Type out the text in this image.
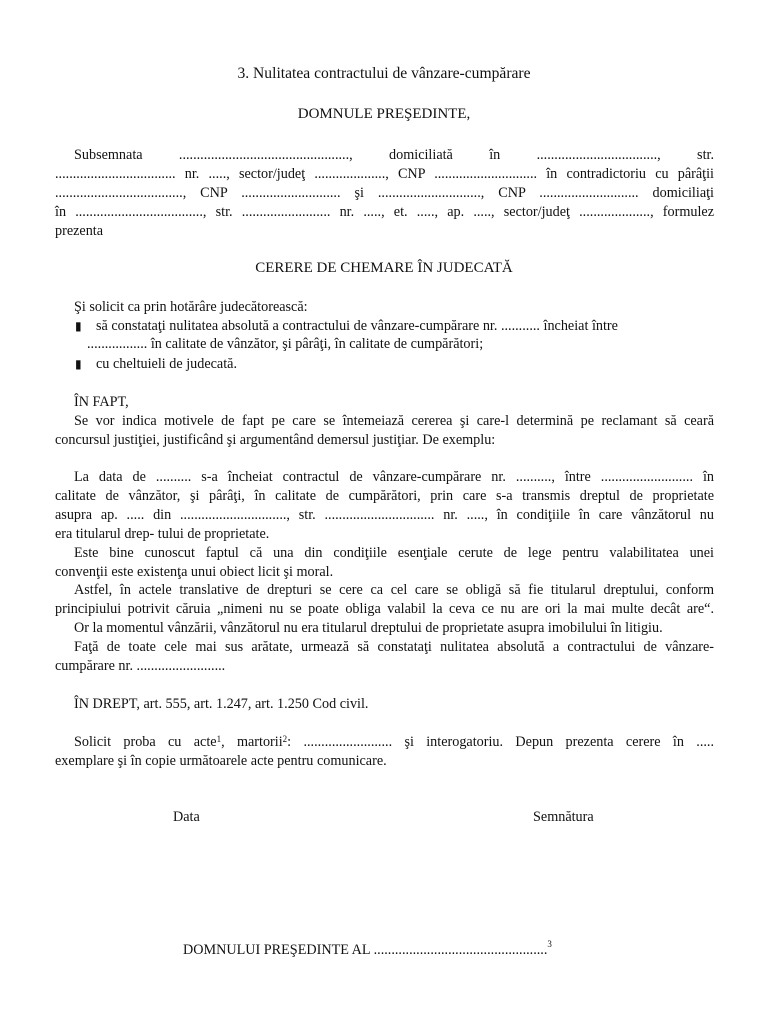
3. Nulitatea contractului de vânzare-cumpărare
DOMNULE PREŞEDINTE,
Subsemnata ................................................, domiciliată în .................................., str.
.................................. nr. ....., sector/judeţ ...................., CNP ............................. în contradictoriu cu pârâţii
...................................., CNP ............................ şi ............................., CNP ............................ domiciliaţi
în ...................................., str. ......................... nr. ....., et. ....., ap. ....., sector/judeţ ...................., formulez
prezenta
CERERE DE CHEMARE ÎN JUDECATĂ
Şi solicit ca prin hotărâre judecătorească:
▮ să constataţi nulitatea absolută a contractului de vânzare-cumpărare nr. ........... încheiat între
................. în calitate de vânzător, şi pârâţi, în calitate de cumpărători;
▮ cu cheltuieli de judecată.
ÎN FAPT,
Se vor indica motivele de fapt pe care se întemeiază cererea şi care-l determină pe reclamant să ceară
concursul justiţiei, justificând şi argumentând demersul justiţiar. De exemplu:
La data de .......... s-a încheiat contractul de vânzare-cumpărare nr. .........., între .......................... în
calitate de vânzător, şi pârâţi, în calitate de cumpărători, prin care s-a transmis dreptul de proprietate
asupra ap. ..... din .............................., str. ............................... nr. ....., în condiţiile în care vânzătorul nu
era titularul drep- tului de proprietate.
Este bine cunoscut faptul că una din condiţiile esenţiale cerute de lege pentru valabilitatea unei
convenţii este existenţa unui obiect licit şi moral.
Astfel, în actele translative de drepturi se cere ca cel care se obligă să fie titularul dreptului, conform
principiului potrivit căruia „nimeni nu se poate obliga valabil la ceva ce nu are ori la mai multe decât are“.
Or la momentul vânzării, vânzătorul nu era titularul dreptului de proprietate asupra imobilului în litigiu.
Faţă de toate cele mai sus arătate, urmează să constataţi nulitatea absolută a contractului de vânzare-
cumpărare nr. .........................
ÎN DREPT, art. 555, art. 1.247, art. 1.250 Cod civil.
Solicit proba cu acte$^1$, martorii$^2$: ......................... şi interogatoriu. Depun prezenta cerere în .....
exemplare şi în copie următoarele acte pentru comunicare.
Data	Semnătura
DOMNULUI PREŞEDINTE AL .................................................$^3$
